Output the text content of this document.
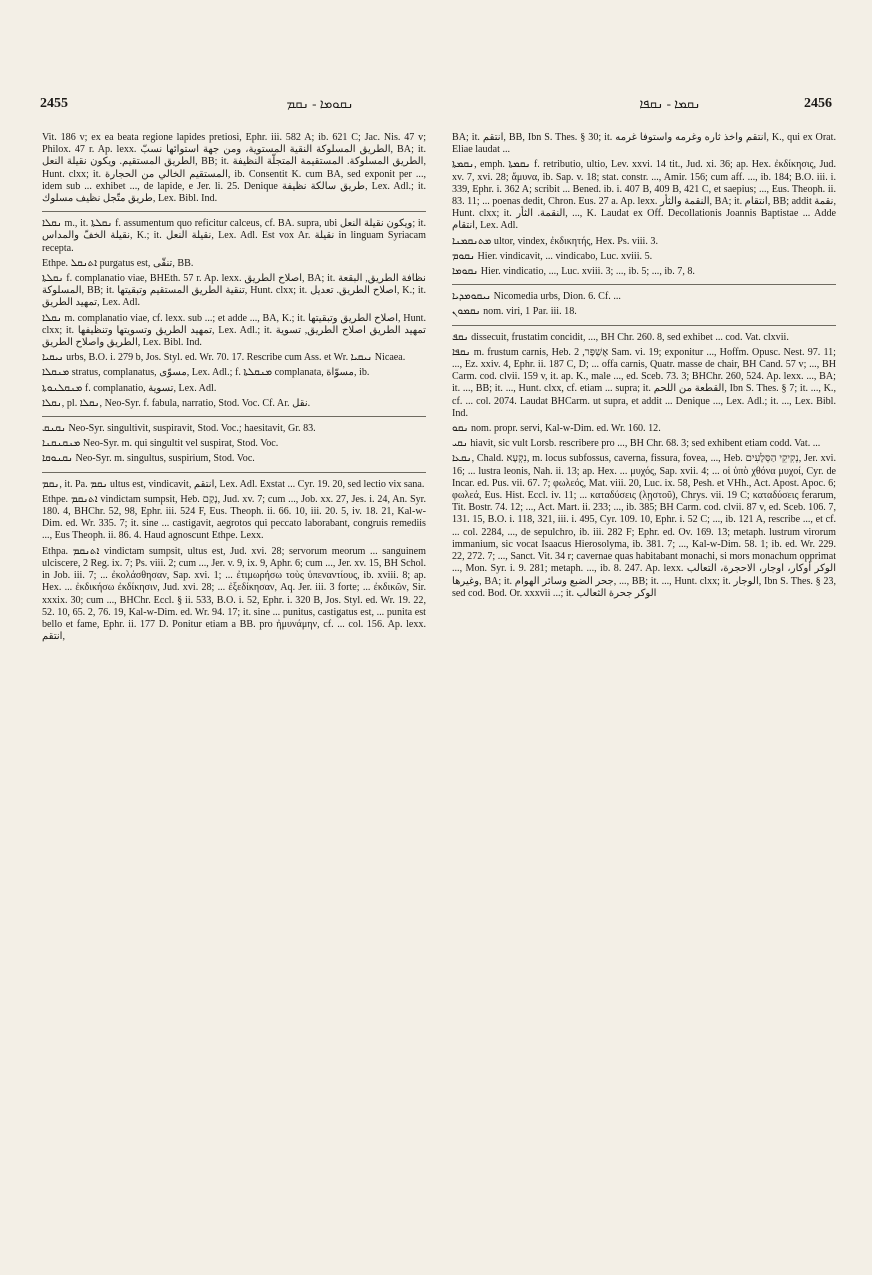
2455	ܢܩܘܡܐ - ܢܩܡ	ܢܩܡܐ - ܢܩܦܐ	2456

Vit. 186 v; ex ea beata regione lapides pretiosi, Ephr. iii. 582 A; ib. 621 C; Jac. Nis. 47 v; Philox. 47 r. Ap. lexx. الطريق المسلوكة النقية المستوية، ومن جهة استوائها نسبّ, BA; it. الطريق المستقيم. ويكون نقيلة النعل, BB; it. الطريق المسلوكة. المستقيمة المتجلّة النظيفة, Hunt. clxx; it. المستقيم الخالي من الحجارة, ib. Consentit K. cum BA, sed exponit per ..., idem sub ... exhibet ..., de lapide, e Jer. li. 25. Denique طريق سالكة نظيفة, Lex. Adl.; it. طريق متّجل نظيف مسلوك, Lex. Bibl. Ind.

ܢܩܠܐ m., it. ܢܩܠܬܐ f. assumentum quo reficitur calceus, cf. BA. supra, ubi ويكون نقيلة النعل; it. نقيلة الخفّ والمداس, K.; it. نقيلة النعل, Lex. Adl. Est vox Ar. نقيلة in linguam Syriacam recepta.

Ethpe. ܐܬܢܩܠ purgatus est, تنقّى, BB.

ܢܩܠܬܐ f. complanatio viae, BHEth. 57 r. Ap. lexx. اصلاح الطريق, BA; it. نظافة الطريق, البقعة المسلوكة, BB; it. تنقية الطريق المستقيم وتبقيتها, Hunt. clxx; it. اصلاح الطريق. تعديل, K.; it. تمهيد الطريق, Lex. Adl.

ܢܩܠܐ m. complanatio viae, cf. lexx. sub ...; et adde ..., BA, K.; it. اصلاح الطريق وتبقيتها, Hunt. clxx; it. تمهيد الطريق وتسويتها وتنظيفها, Lex. Adl.; it. تمهيد الطريق اصلاح الطريق, تسوية الطريق واصلاح الطريق, Lex. Bibl. Ind.

ܢܝܩܝܐ urbs, B.O. i. 279 b, Jos. Styl. ed. Wr. 70. 17. Rescribe cum Ass. et Wr. ܢܝܩܝܐ Nicaea.

ܡܢܩܠܐ stratus, complanatus, مسوّى, Lex. Adl.; f. ܡܢܩܠܬܐ complanata, مسوّاة, ib.

ܡܢܩܠܢܘܬܐ f. complanatio, تسوية, Lex. Adl.

ܢܩܠܐ, pl. ܢܩܠܐ, Neo-Syr. f. fabula, narratio, Stod. Voc. Cf. Ar. نقل.

ܢܩܢܩ Neo-Syr. singultivit, suspiravit, Stod. Voc.; haesitavit, Gr. 83.

ܡܢܩܢܩܢܐ Neo-Syr. m. qui singultit vel suspirat, Stod. Voc.

ܢܩܢܘܩܐ Neo-Syr. m. singultus, suspirium, Stod. Voc.

ܢܩܡ, it. Pa. ܢܩܡ ultus est, vindicavit, انتقم, Lex. Adl. Exstat ... Cyr. 19. 20, sed lectio vix sana.

Ethpe. ܐܬܢܩܡ vindictam sumpsit, Heb. נָקַם, Jud. xv. 7; cum ..., Job. xx. 27, Jes. i. 24, An. Syr. 180. 4, BHChr. 52, 98, Ephr. iii. 524 F, Eus. Theoph. ii. 66. 10, iii. 20. 5, iv. 18. 21, Kal-w-Dim. ed. Wr. 335. 7; it. sine ... castigavit, aegrotos qui peccato laborabant, congruis remediis ..., Eus Theoph. ii. 86. 4. Haud agnoscunt Ethpe. Lexx.

Ethpa. ܐܬܢܩܡ vindictam sumpsit, ultus est, Jud. xvi. 28; servorum meorum ... sanguinem ulciscere, 2 Reg. ix. 7; Ps. viii. 2; cum ..., Jer. v. 9, ix. 9, Aphr. 6; cum ..., Jer. xv. 15, BH Schol. in Job. iii. 7; ... ἐκολάσθησαν, Sap. xvi. 1; ... ἐτιμωρήσω τοὺς ὑπεναντίους, ib. xviii. 8; ap. Hex. ... ἐκδικήσω ἐκδίκησιν, Jud. xvi. 28; ... ἐξεδίκησαν, Aq. Jer. iii. 3 forte; ... ἐκδικῶν, Sir. xxxix. 30; cum ..., BHChr. Eccl. § ii. 533, B.O. i. 52, Ephr. i. 320 B, Jos. Styl. ed. Wr. 19. 22, 52. 10, 65. 2, 76. 19, Kal-w-Dim. ed. Wr. 94. 17; it. sine ... punitus, castigatus est, ... punita est bello et fame, Ephr. ii. 177 D. Ponitur etiam a BB. pro ἠμυνάμην, cf. ... col. 156. Ap. lexx. انتقم,

BA; it. انتقم, BB, Ibn S. Thes. § 30; it. انتقم واخذ ثأره وغرمه واستوفا غرمه, K., qui ex Orat. Eliae laudat ...

ܢܩܡܬܐ, emph. ܢܩܡܬܐ f. retributio, ultio, Lev. xxvi. 14 tit., Jud. xi. 36; ap. Hex. ἐκδίκησις, Jud. xv. 7, xvi. 28; ἄμυνα, ib. Sap. v. 18; stat. constr. ..., Amir. 156; cum aff. ..., ib. 184; B.O. iii. i. 339, Ephr. i. 362 A; scribit ... Bened. ib. i. 407 B, 409 B, 421 C, et saepius; ..., Eus. Theoph. ii. 83. 11; ... poenas dedit, Chron. Eus. 27 a. Ap. lexx. النقمة والثأر, BA; it. انتقام, BB; addit نقمة, Hunt. clxx; it. النقمة. الثأر, ..., K. Laudat ex Off. Decollationis Joannis Baptistae ... Adde انتقام, Lex. Adl.

ܡܬܢܩܡܢܐ ultor, vindex, ἐκδικητής, Hex. Ps. viii. 3.

ܢܩܘܡ Hier. vindicavit, ... vindicabo, Luc. xviii. 5.

ܢܩܘܡܐ Hier. vindicatio, ..., Luc. xviii. 3; ..., ib. 5; ..., ib. 7, 8.

ܢܝܩܘܡܕܝܐ Nicomedia urbs, Dion. 6. Cf. ...

ܢܩܡܘܢ nom. viri, 1 Par. iii. 18.

ܢܩܦ dissecuit, frustatim concidit, ..., BH Chr. 260. 8, sed exhibet ... cod. Vat. clxvii.

ܢܩܦܐ m. frustum carnis, Heb. אֶשְׁפָּר, 2 Sam. vi. 19; exponitur ..., Hoffm. Opusc. Nest. 97. 11; ..., Ez. xxiv. 4, Ephr. ii. 187 C, D; ... offa carnis, Quatr. masse de chair, BH Cand. 57 v; ..., BH Carm. cod. clvii. 159 v, it. ap. K., male ..., ed. Sceb. 73. 3; BHChr. 260, 524. Ap. lexx. ..., BA; it. ..., BB; it. ..., Hunt. clxx, cf. etiam ... supra; it. القطعة من اللحم, Ibn S. Thes. § 7; it. ..., K., cf. ... col. 2074. Laudat BHCarm. ut supra, et addit ... Denique ..., Lex. Adl.; it. ..., Lex. Bibl. Ind.

ܢܩܘ nom. propr. servi, Kal-w-Dim. ed. Wr. 160. 12.

ܢܩܝ hiavit, sic vult Lorsb. rescribere pro ..., BH Chr. 68. 3; sed exhibent etiam codd. Vat. ...

ܢܩܥܐ, Chald. נִקְעָא, m. locus subfossus, caverna, fissura, fovea, ..., Heb. נְקִיקֵי הַסְּלָעִים, Jer. xvi. 16; ... lustra leonis, Nah. ii. 13; ap. Hex. ... μυχός, Sap. xvii. 4; ... οἱ ὑπὸ χθόνα μυχοί, Cyr. de Incar. ed. Pus. vii. 67. 7; φωλεός, Mat. viii. 20, Luc. ix. 58, Pesh. et VHh., Act. Apost. Apoc. 6; φωλεά, Eus. Hist. Eccl. iv. 11; ... καταδύσεις (λῃστοῦ), Chrys. vii. 19 C; καταδύσεις ferarum, Tit. Bostr. 74. 12; ..., Act. Mart. ii. 233; ..., ib. 385; BH Carm. cod. clvii. 87 v, ed. Sceb. 106. 7, 131. 15, B.O. i. 118, 321, iii. i. 495, Cyr. 109. 10, Ephr. i. 52 C; ..., ib. 121 A, rescribe ..., et cf. ... col. 2284, ..., de sepulchro, ib. iii. 282 F; Ephr. ed. Ov. 169. 13; metaph. lustrum virorum immanium, sic vocat Isaacus Hierosolyma, ib. 381. 7; ..., Kal-w-Dim. 58. 1; ib. ed. Wr. 229. 22, 272. 7; ..., Sanct. Vit. 34 r; cavernae quas habitabant monachi, si mors monachum opprimat ..., Mon. Syr. i. 9. 281; metaph. ..., ib. 8. 247. Ap. lexx. الوكر أوكار، اوجار، الاحجرة، التعالب وغيرها, BA; it. جحر الضبع وسائر الهوام, ..., BB; it. ..., Hunt. clxx; it. الوجار, Ibn S. Thes. § 23, sed cod. Bod. Or. xxxvii ...; it. الوكر جحرة الثعالب
